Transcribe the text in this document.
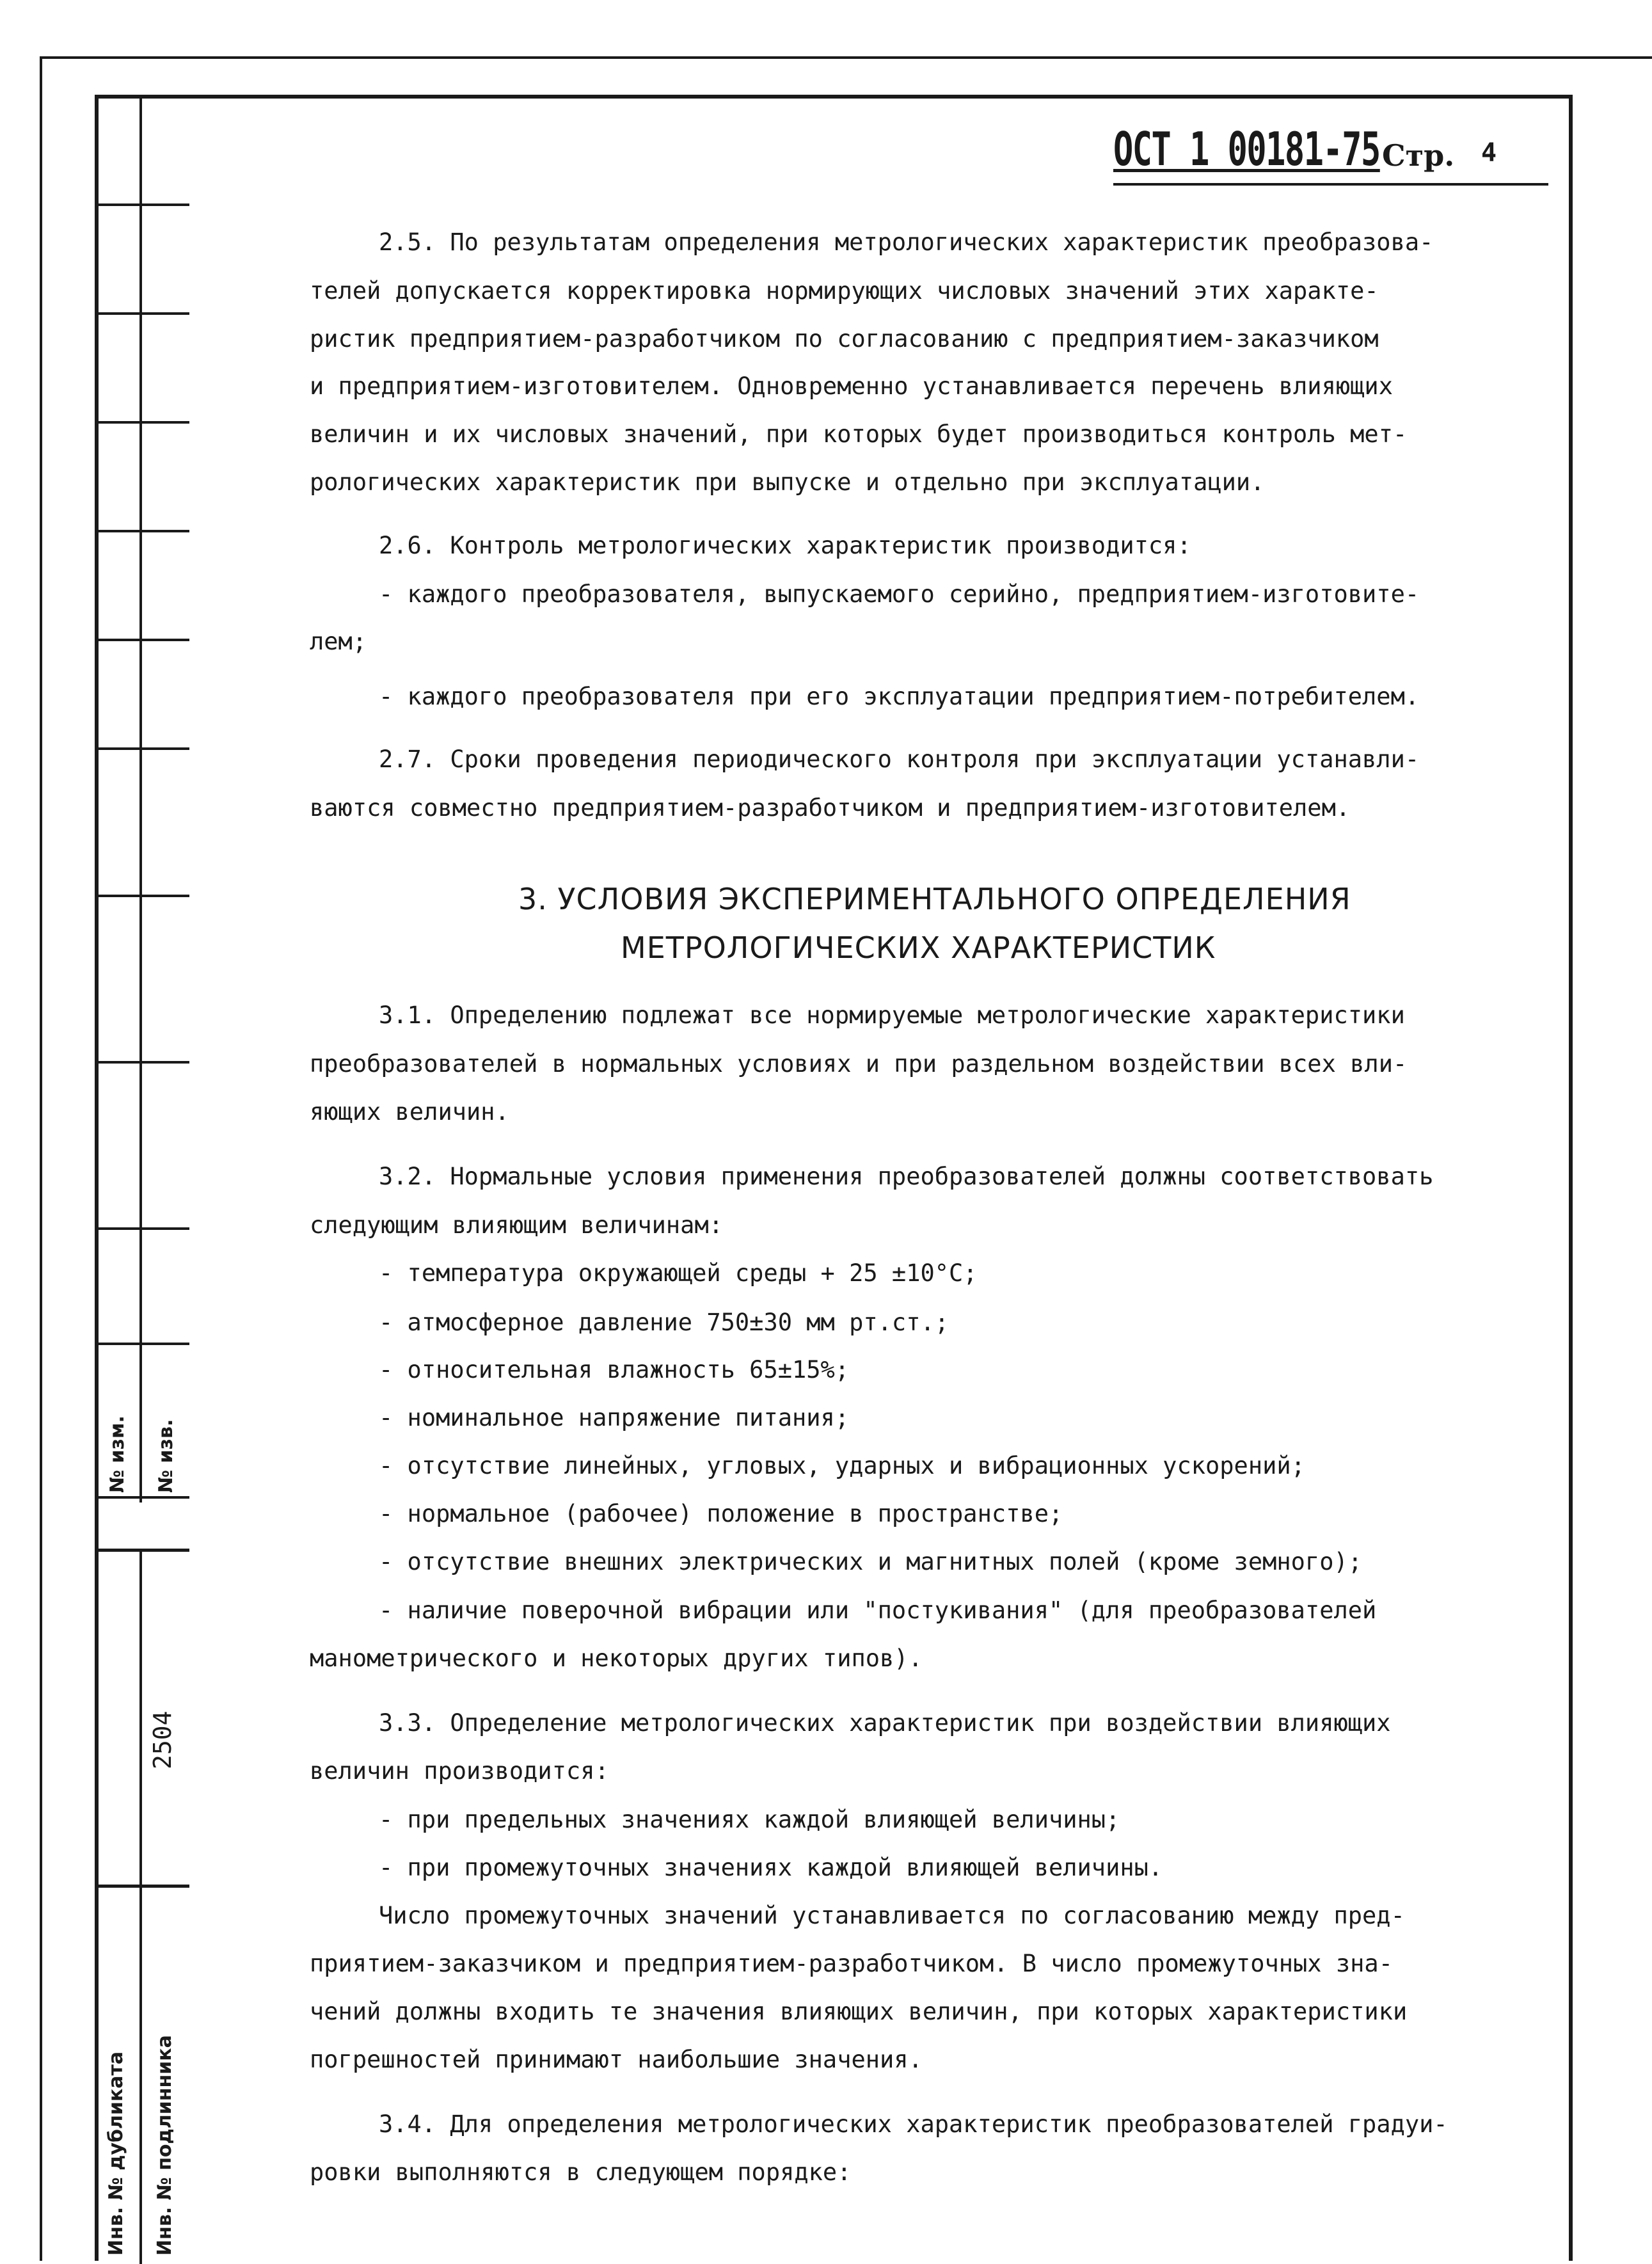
№ изм. № изв.
2504
Инв. № дубликата Инв. № подлинника
ОСТ 1 00181-75 Стр. 4
2.5. По результатам определения метрологических характеристик преобразова-
телей допускается корректировка нормирующих числовых значений этих характе-
ристик предприятием-разработчиком по согласованию с предприятием-заказчиком
и предприятием-изготовителем. Одновременно устанавливается перечень влияющих
величин и их числовых значений, при которых будет производиться контроль мет-
рологических характеристик при выпуске и отдельно при эксплуатации.
2.6. Контроль метрологических характеристик производится:
- каждого преобразователя, выпускаемого серийно, предприятием-изготовите-
лем;
- каждого преобразователя при его эксплуатации предприятием-потребителем.
2.7. Сроки проведения периодического контроля при эксплуатации устанавли-
ваются совместно предприятием-разработчиком и предприятием-изготовителем.
3. УСЛОВИЯ ЭКСПЕРИМЕНТАЛЬНОГО ОПРЕДЕЛЕНИЯ
МЕТРОЛОГИЧЕСКИХ ХАРАКТЕРИСТИК
3.1. Определению подлежат все нормируемые метрологические характеристики
преобразователей в нормальных условиях и при раздельном воздействии всех вли-
яющих величин.
3.2. Нормальные условия применения преобразователей должны соответствовать
следующим влияющим величинам:
- температура окружающей среды + 25 ±10°С;
- атмосферное давление 750±30 мм рт.ст.;
- относительная влажность 65±15%;
- номинальное напряжение питания;
- отсутствие линейных, угловых, ударных и вибрационных ускорений;
- нормальное (рабочее) положение в пространстве;
- отсутствие внешних электрических и магнитных полей (кроме земного);
- наличие поверочной вибрации или "постукивания" (для преобразователей
манометрического и некоторых других типов).
3.3. Определение метрологических характеристик при воздействии влияющих
величин производится:
- при предельных значениях каждой влияющей величины;
- при промежуточных значениях каждой влияющей величины.
Число промежуточных значений устанавливается по согласованию между пред-
приятием-заказчиком и предприятием-разработчиком. В число промежуточных зна-
чений должны входить те значения влияющих величин, при которых характеристики
погрешностей принимают наибольшие значения.
3.4. Для определения метрологических характеристик преобразователей градуи-
ровки выполняются в следующем порядке:
